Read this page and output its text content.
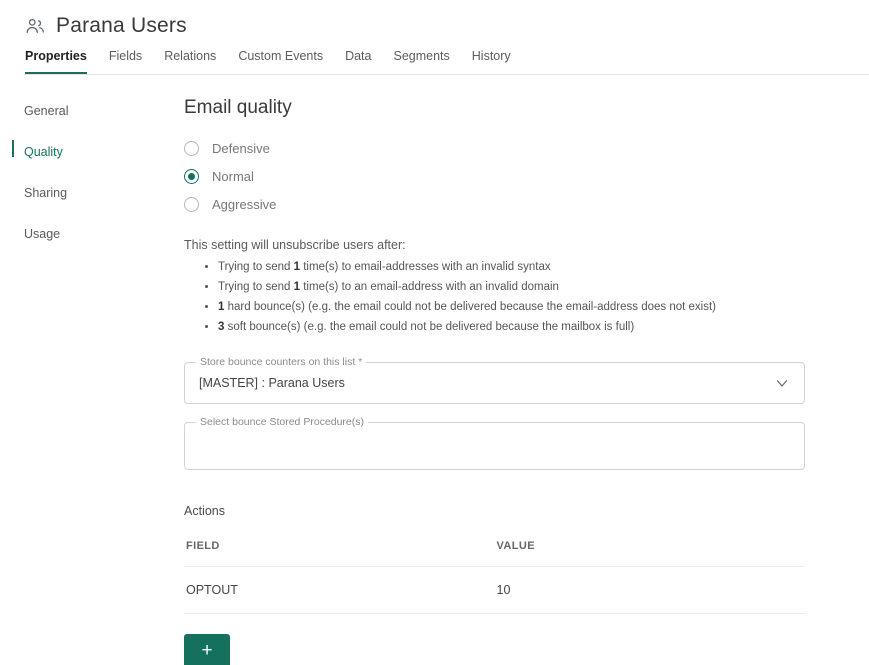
Parana Users
Properties Fields Relations Custom Events Data Segments History
General
Quality
Sharing
Usage
Email quality
Defensive
Normal
Aggressive
This setting will unsubscribe users after:
• Trying to send 1 time(s) to email-addresses with an invalid syntax
• Trying to send 1 time(s) to an email-address with an invalid domain
• 1 hard bounce(s) (e.g. the email could not be delivered because the email-address does not exist)
• 3 soft bounce(s) (e.g. the email could not be delivered because the mailbox is full)
Store bounce counters on this list *
[MASTER] : Parana Users
Select bounce Stored Procedure(s)
Actions
FIELD	VALUE
OPTOUT	10
+
